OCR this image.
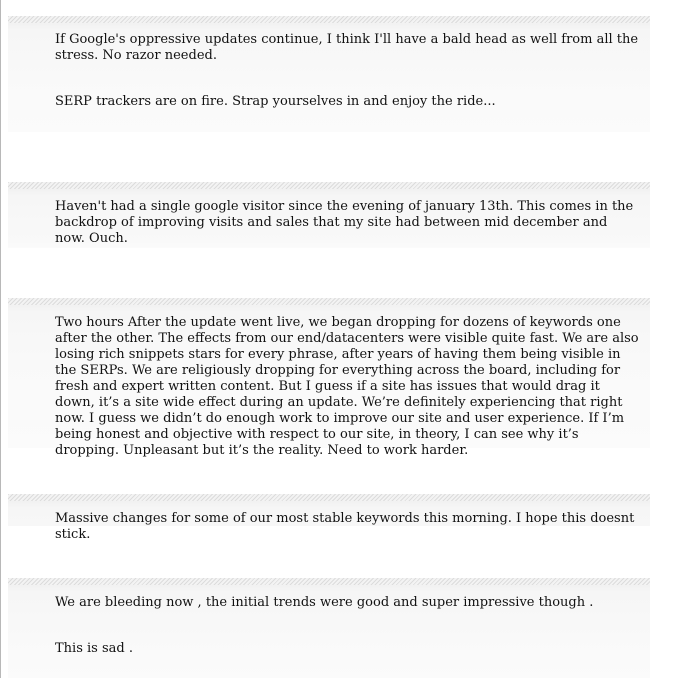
If Google's oppressive updates continue, I think I'll have a bald head as well from all the stress. No razor needed.

SERP trackers are on fire. Strap yourselves in and enjoy the ride...

Haven't had a single google visitor since the evening of january 13th. This comes in the backdrop of improving visits and sales that my site had between mid december and now. Ouch.

Two hours After the update went live, we began dropping for dozens of keywords one after the other. The effects from our end/datacenters were visible quite fast. We are also losing rich snippets stars for every phrase, after years of having them being visible in the SERPs. We are religiously dropping for everything across the board, including for fresh and expert written content. But I guess if a site has issues that would drag it down, it’s a site wide effect during an update. We’re definitely experiencing that right now. I guess we didn’t do enough work to improve our site and user experience. If I’m being honest and objective with respect to our site, in theory, I can see why it’s dropping. Unpleasant but it’s the reality. Need to work harder.

Massive changes for some of our most stable keywords this morning. I hope this doesnt stick.

We are bleeding now , the initial trends were good and super impressive though .

This is sad .
